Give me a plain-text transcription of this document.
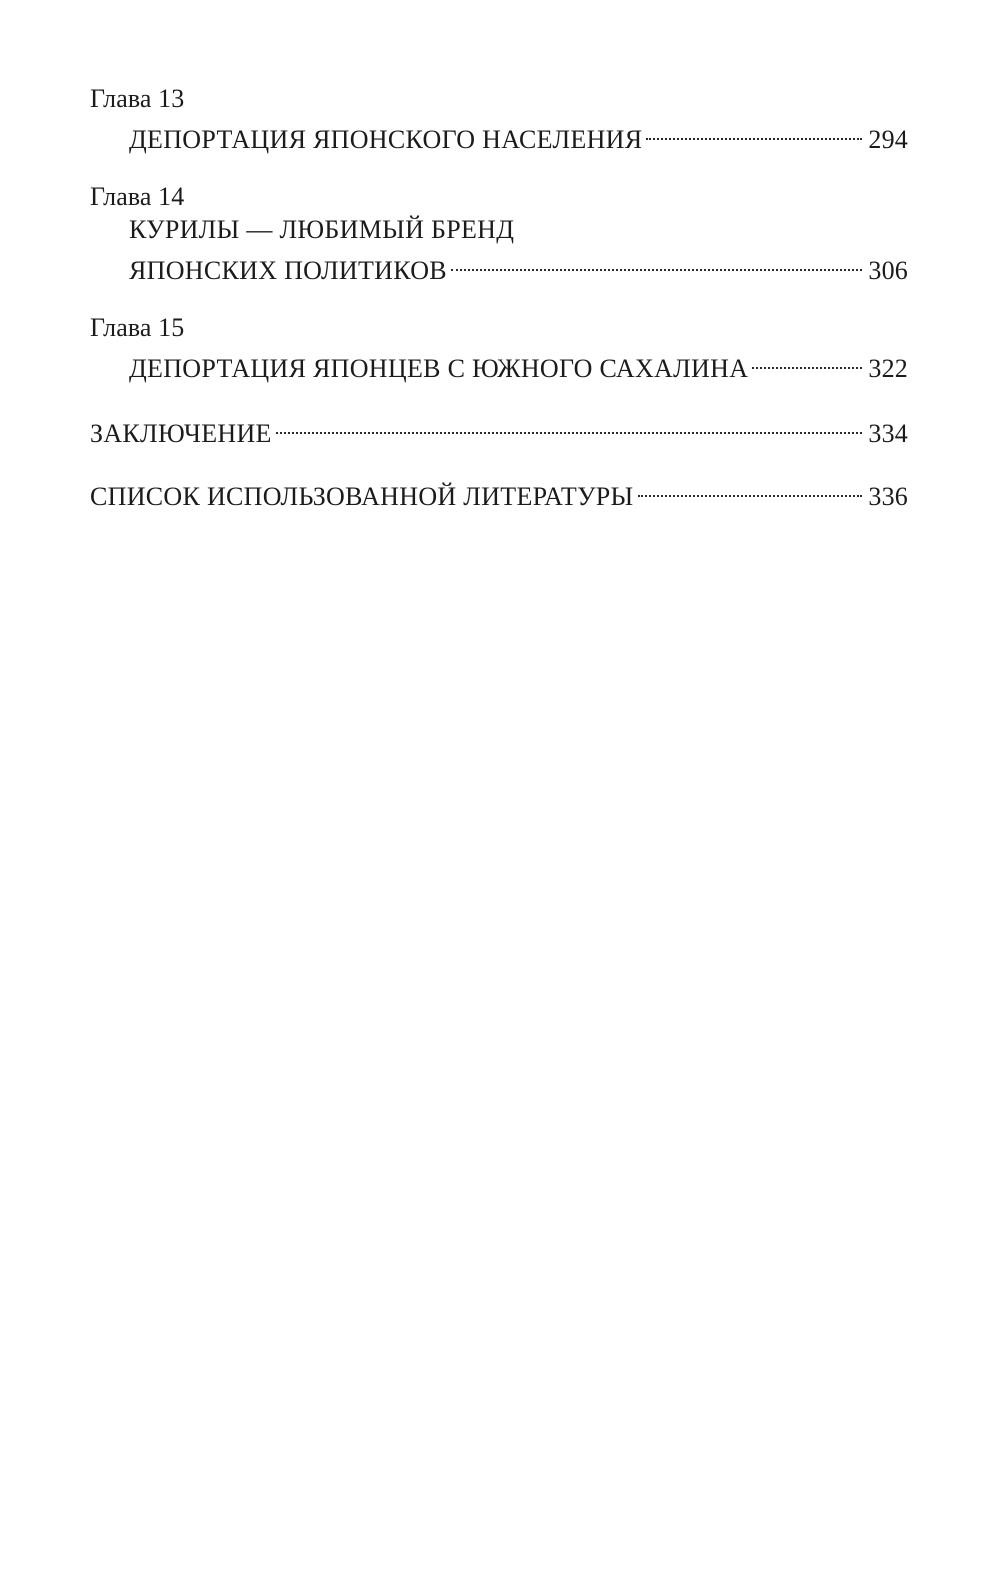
Глава 13
ДЕПОРТАЦИЯ ЯПОНСКОГО НАСЕЛЕНИЯ	294
Глава 14
КУРИЛЫ — ЛЮБИМЫЙ БРЕНД
ЯПОНСКИХ ПОЛИТИКОВ	306
Глава 15
ДЕПОРТАЦИЯ ЯПОНЦЕВ С ЮЖНОГО САХАЛИНА	322
ЗАКЛЮЧЕНИЕ	334
СПИСОК ИСПОЛЬЗОВАННОЙ ЛИТЕРАТУРЫ	336
